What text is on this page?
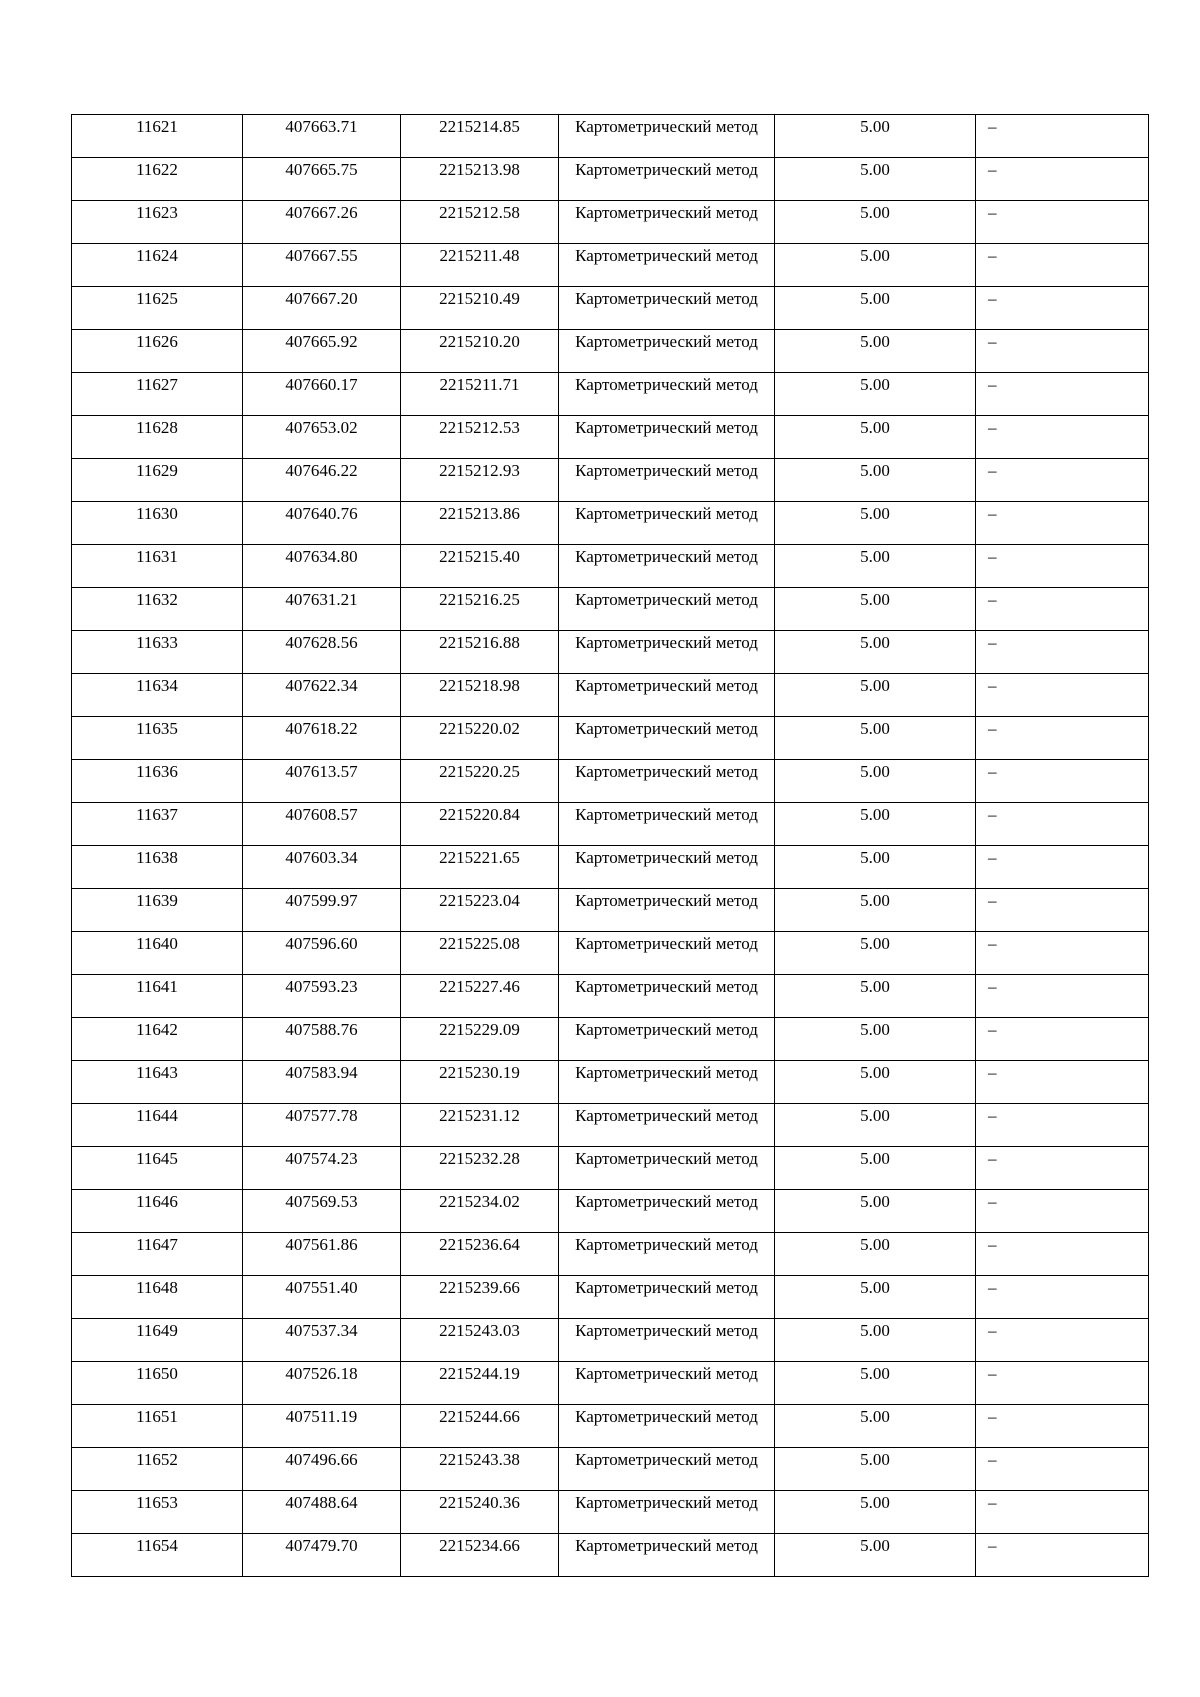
11621	407663.71	2215214.85	Картометрический метод	5.00	–

11622	407665.75	2215213.98	Картометрический метод	5.00	–

11623	407667.26	2215212.58	Картометрический метод	5.00	–

11624	407667.55	2215211.48	Картометрический метод	5.00	–

11625	407667.20	2215210.49	Картометрический метод	5.00	–

11626	407665.92	2215210.20	Картометрический метод	5.00	–

11627	407660.17	2215211.71	Картометрический метод	5.00	–

11628	407653.02	2215212.53	Картометрический метод	5.00	–

11629	407646.22	2215212.93	Картометрический метод	5.00	–

11630	407640.76	2215213.86	Картометрический метод	5.00	–

11631	407634.80	2215215.40	Картометрический метод	5.00	–

11632	407631.21	2215216.25	Картометрический метод	5.00	–

11633	407628.56	2215216.88	Картометрический метод	5.00	–

11634	407622.34	2215218.98	Картометрический метод	5.00	–

11635	407618.22	2215220.02	Картометрический метод	5.00	–

11636	407613.57	2215220.25	Картометрический метод	5.00	–

11637	407608.57	2215220.84	Картометрический метод	5.00	–

11638	407603.34	2215221.65	Картометрический метод	5.00	–

11639	407599.97	2215223.04	Картометрический метод	5.00	–

11640	407596.60	2215225.08	Картометрический метод	5.00	–

11641	407593.23	2215227.46	Картометрический метод	5.00	–

11642	407588.76	2215229.09	Картометрический метод	5.00	–

11643	407583.94	2215230.19	Картометрический метод	5.00	–

11644	407577.78	2215231.12	Картометрический метод	5.00	–

11645	407574.23	2215232.28	Картометрический метод	5.00	–

11646	407569.53	2215234.02	Картометрический метод	5.00	–

11647	407561.86	2215236.64	Картометрический метод	5.00	–

11648	407551.40	2215239.66	Картометрический метод	5.00	–

11649	407537.34	2215243.03	Картометрический метод	5.00	–

11650	407526.18	2215244.19	Картометрический метод	5.00	–

11651	407511.19	2215244.66	Картометрический метод	5.00	–

11652	407496.66	2215243.38	Картометрический метод	5.00	–

11653	407488.64	2215240.36	Картометрический метод	5.00	–

11654	407479.70	2215234.66	Картометрический метод	5.00	–
